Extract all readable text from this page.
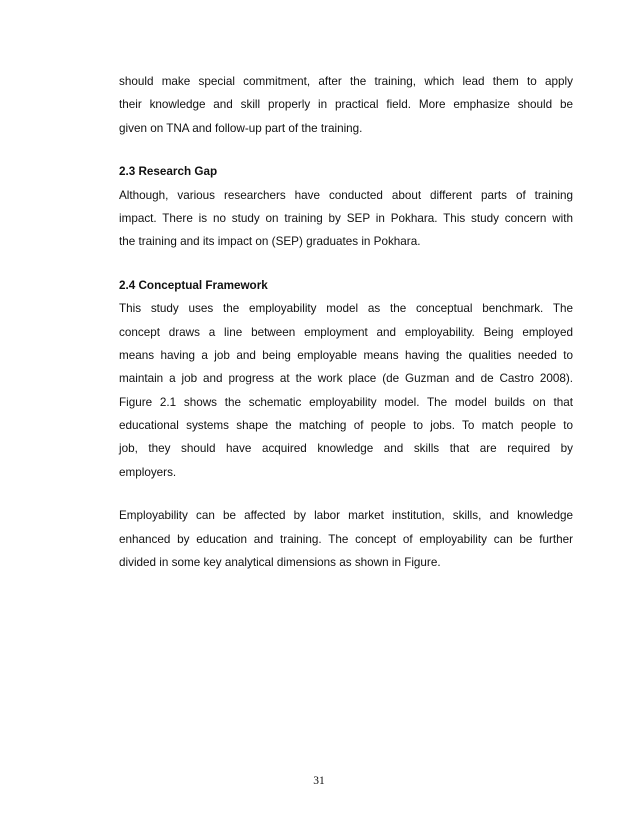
should make special commitment, after the training, which lead them to apply
their knowledge and skill properly in practical field. More emphasize should be
given on TNA and follow-up part of the training.
2.3 Research Gap
Although, various researchers have conducted about different parts of training
impact. There is no study on training by SEP in Pokhara. This study concern with
the training and its impact on (SEP) graduates in Pokhara.
2.4 Conceptual Framework
This study uses the employability model as the conceptual benchmark. The
concept draws a line between employment and employability. Being employed
means having a job and being employable means having the qualities needed to
maintain a job and progress at the work place (de Guzman and de Castro 2008).
Figure 2.1 shows the schematic employability model. The model builds on that
educational systems shape the matching of people to jobs. To match people to
job, they should have acquired knowledge and skills that are required by
employers.
Employability can be affected by labor market institution, skills, and knowledge
enhanced by education and training. The concept of employability can be further
divided in some key analytical dimensions as shown in Figure.
31
